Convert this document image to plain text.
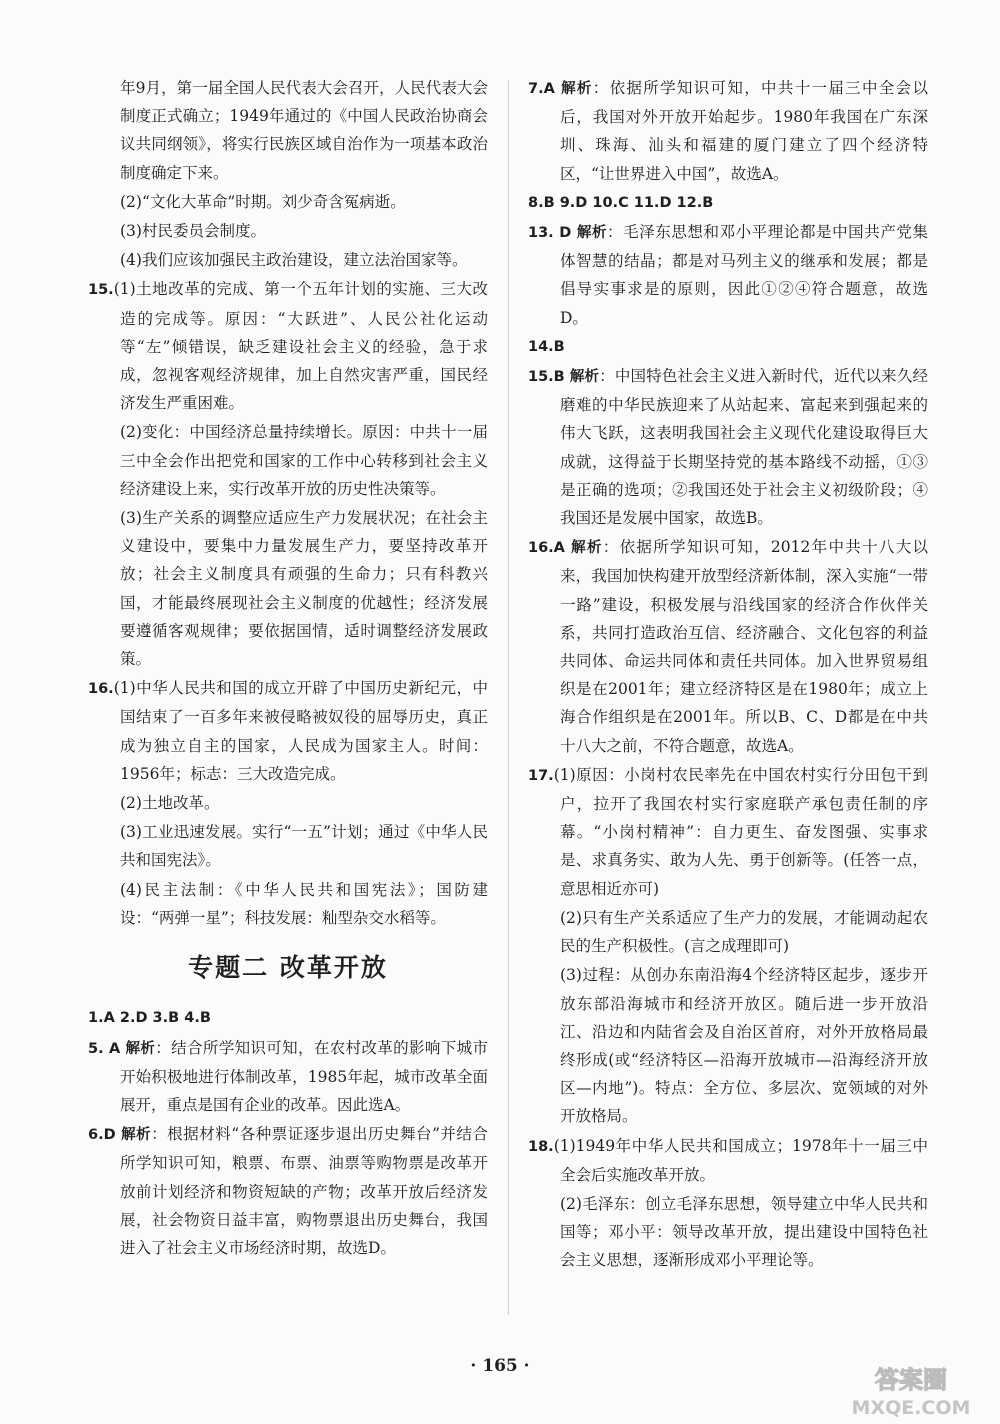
年9月，第一届全国人民代表大会召开，人民代表大会制度正式确立；1949年通过的《中国人民政治协商会议共同纲领》，将实行民族区域自治作为一项基本政治制度确定下来。

(2)“文化大革命”时期。刘少奇含冤病逝。

(3)村民委员会制度。

(4)我们应该加强民主政治建设，建立法治国家等。

15.(1)土地改革的完成、第一个五年计划的实施、三大改造的完成等。原因：“大跃进”、人民公社化运动等“左”倾错误，缺乏建设社会主义的经验，急于求成，忽视客观经济规律，加上自然灾害严重，国民经济发生严重困难。

(2)变化：中国经济总量持续增长。原因：中共十一届三中全会作出把党和国家的工作中心转移到社会主义经济建设上来，实行改革开放的历史性决策等。

(3)生产关系的调整应适应生产力发展状况；在社会主义建设中，要集中力量发展生产力，要坚持改革开放；社会主义制度具有顽强的生命力；只有科教兴国，才能最终展现社会主义制度的优越性；经济发展要遵循客观规律；要依据国情，适时调整经济发展政策。

16.(1)中华人民共和国的成立开辟了中国历史新纪元，中国结束了一百多年来被侵略被奴役的屈辱历史，真正成为独立自主的国家，人民成为国家主人。时间：1956年；标志：三大改造完成。

(2)土地改革。

(3)工业迅速发展。实行“一五”计划；通过《中华人民共和国宪法》。

(4)民主法制：《中华人民共和国宪法》；国防建设：“两弹一星”；科技发展：籼型杂交水稻等。

专题二 改革开放

1.A 2.D 3.B 4.B

5. A 解析：结合所学知识可知，在农村改革的影响下城市开始积极地进行体制改革，1985年起，城市改革全面展开，重点是国有企业的改革。因此选A。

6.D 解析：根据材料“各种票证逐步退出历史舞台”并结合所学知识可知，粮票、布票、油票等购物票是改革开放前计划经济和物资短缺的产物；改革开放后经济发展，社会物资日益丰富，购物票退出历史舞台，我国进入了社会主义市场经济时期，故选D。

7.A 解析：依据所学知识可知，中共十一届三中全会以后，我国对外开放开始起步。1980年我国在广东深圳、珠海、汕头和福建的厦门建立了四个经济特区，“让世界进入中国”，故选A。

8.B 9.D 10.C 11.D 12.B

13. D 解析：毛泽东思想和邓小平理论都是中国共产党集体智慧的结晶；都是对马列主义的继承和发展；都是倡导实事求是的原则，因此①②④符合题意，故选D。

14.B

15.B 解析：中国特色社会主义进入新时代，近代以来久经磨难的中华民族迎来了从站起来、富起来到强起来的伟大飞跃，这表明我国社会主义现代化建设取得巨大成就，这得益于长期坚持党的基本路线不动摇，①③是正确的选项；②我国还处于社会主义初级阶段；④我国还是发展中国家，故选B。

16.A 解析：依据所学知识可知，2012年中共十八大以来，我国加快构建开放型经济新体制，深入实施“一带一路”建设，积极发展与沿线国家的经济合作伙伴关系，共同打造政治互信、经济融合、文化包容的利益共同体、命运共同体和责任共同体。加入世界贸易组织是在2001年；建立经济特区是在1980年；成立上海合作组织是在2001年。所以B、C、D都是在中共十八大之前，不符合题意，故选A。

17.(1)原因：小岗村农民率先在中国农村实行分田包干到户，拉开了我国农村实行家庭联产承包责任制的序幕。“小岗村精神”：自力更生、奋发图强、实事求是、求真务实、敢为人先、勇于创新等。(任答一点，意思相近亦可)

(2)只有生产关系适应了生产力的发展，才能调动起农民的生产积极性。(言之成理即可)

(3)过程：从创办东南沿海4个经济特区起步，逐步开放东部沿海城市和经济开放区。随后进一步开放沿江、沿边和内陆省会及自治区首府，对外开放格局最终形成(或“经济特区—沿海开放城市—沿海经济开放区—内地”)。特点：全方位、多层次、宽领域的对外开放格局。

18.(1)1949年中华人民共和国成立；1978年十一届三中全会后实施改革开放。

(2)毛泽东：创立毛泽东思想，领导建立中华人民共和国等；邓小平：领导改革开放，提出建设中国特色社会主义思想，逐渐形成邓小平理论等。

· 165 ·	答案圈
MXQE.COM
